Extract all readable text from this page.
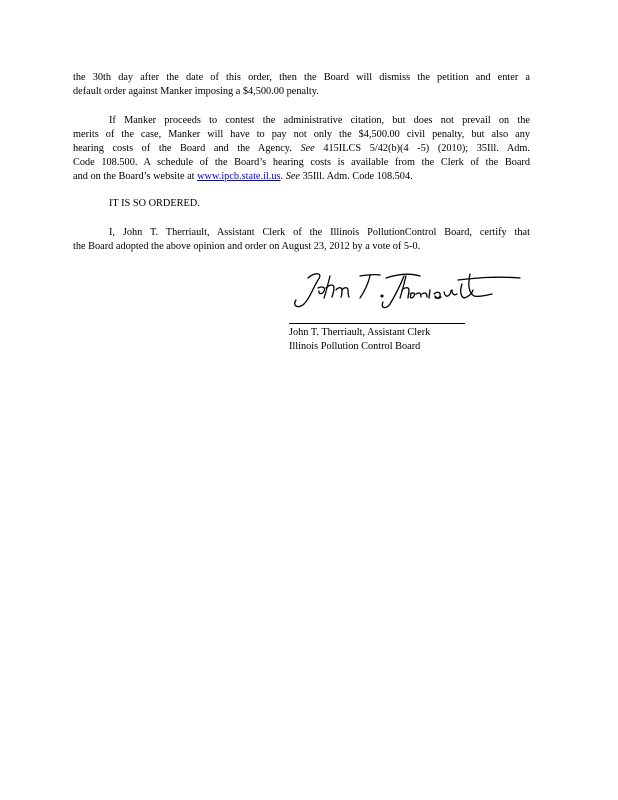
the 30th day after the date of this order, then the Board will dismiss the petition and enter a
default order against Manker imposing a $4,500.00 penalty.
If Manker proceeds to contest the administrative citation, but does not prevail on the
merits of the case, Manker will have to pay not only the $4,500.00 civil penalty, but also any
hearing costs of the Board and the Agency. See 415ILCS 5/42(b)(4 -5) (2010); 35Ill. Adm.
Code 108.500. A schedule of the Board’s hearing costs is available from the Clerk of the Board
and on the Board’s website at www.ipcb.state.il.us. See 35Ill. Adm. Code 108.504.
IT IS SO ORDERED.
I, John T. Therriault, Assistant Clerk of the Illinois PollutionControl Board, certify that
the Board adopted the above opinion and order on August 23, 2012 by a vote of 5-0.
John T. Therriault, Assistant Clerk
Illinois Pollution Control Board
